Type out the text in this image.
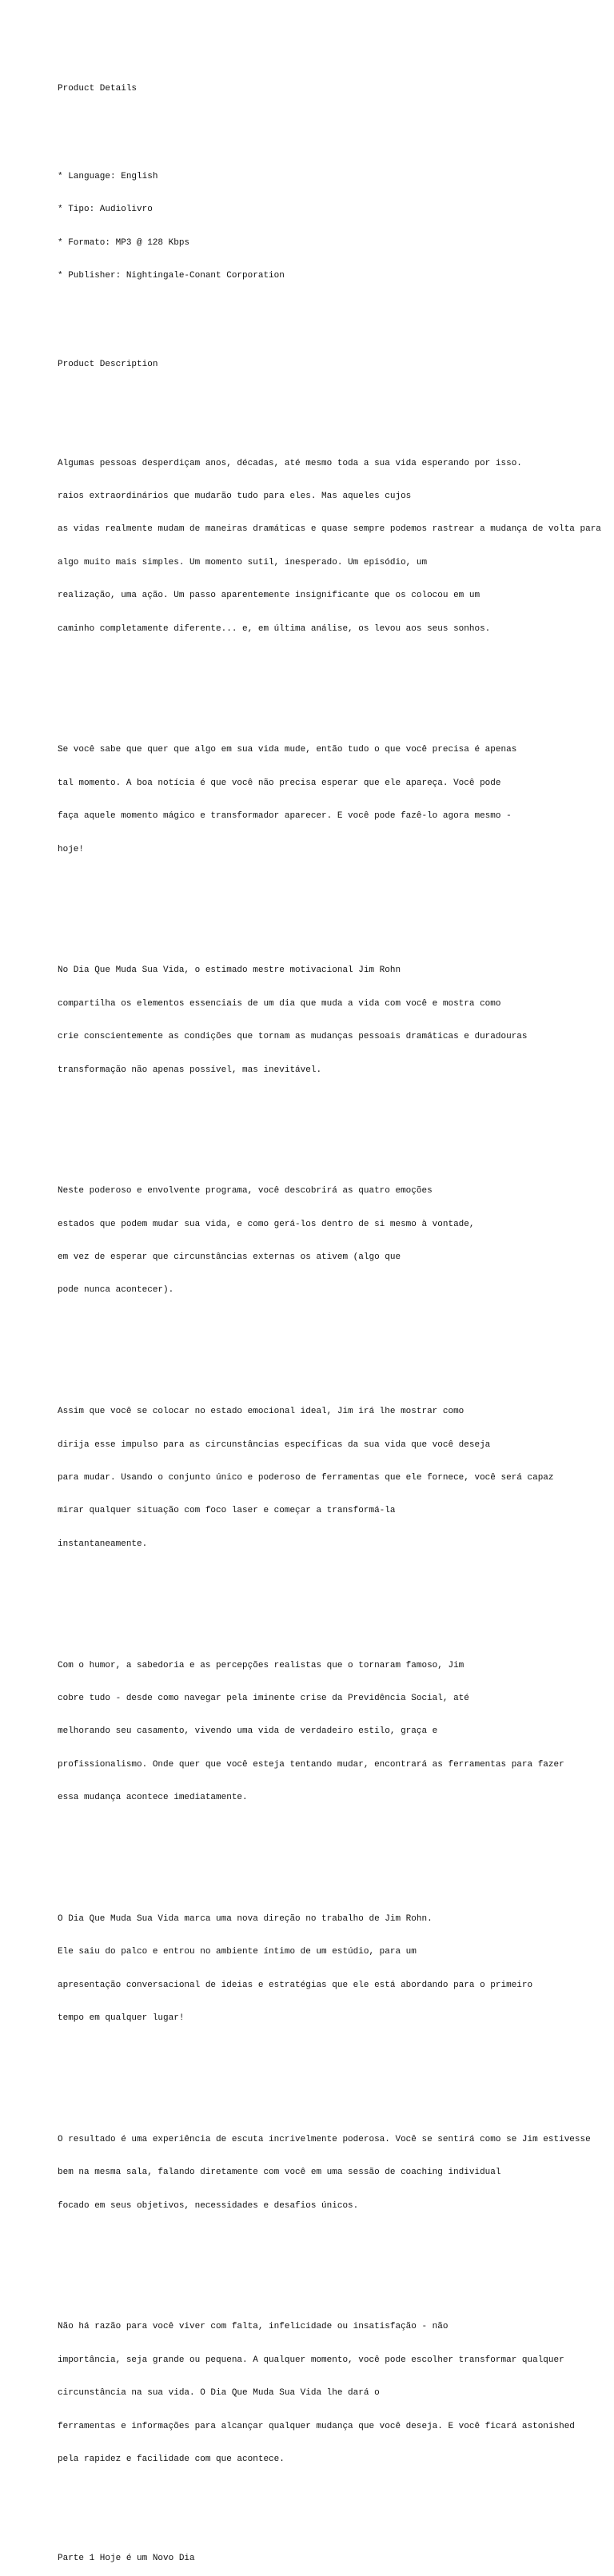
Product Details

* Language: English

* Tipo: Audiolivro

* Formato: MP3 @ 128 Kbps

* Publisher: Nightingale-Conant Corporation

Product Description

Algumas pessoas desperdiçam anos, décadas, até mesmo toda a sua vida esperando por isso.

raios extraordinários que mudarão tudo para eles. Mas aqueles cujos

as vidas realmente mudam de maneiras dramáticas e quase sempre podemos rastrear a mudança de volta para

algo muito mais simples. Um momento sutil, inesperado. Um episódio, um

realização, uma ação. Um passo aparentemente insignificante que os colocou em um

caminho completamente diferente... e, em última análise, os levou aos seus sonhos.

Se você sabe que quer que algo em sua vida mude, então tudo o que você precisa é apenas

tal momento. A boa notícia é que você não precisa esperar que ele apareça. Você pode

faça aquele momento mágico e transformador aparecer. E você pode fazê-lo agora mesmo -

hoje!

No Dia Que Muda Sua Vida, o estimado mestre motivacional Jim Rohn

compartilha os elementos essenciais de um dia que muda a vida com você e mostra como

crie conscientemente as condições que tornam as mudanças pessoais dramáticas e duradouras

transformação não apenas possível, mas inevitável.

Neste poderoso e envolvente programa, você descobrirá as quatro emoções

estados que podem mudar sua vida, e como gerá-los dentro de si mesmo à vontade,

em vez de esperar que circunstâncias externas os ativem (algo que

pode nunca acontecer).

Assim que você se colocar no estado emocional ideal, Jim irá lhe mostrar como

dirija esse impulso para as circunstâncias específicas da sua vida que você deseja

para mudar. Usando o conjunto único e poderoso de ferramentas que ele fornece, você será capaz

mirar qualquer situação com foco laser e começar a transformá-la

instantaneamente.

Com o humor, a sabedoria e as percepções realistas que o tornaram famoso, Jim

cobre tudo - desde como navegar pela iminente crise da Previdência Social, até

melhorando seu casamento, vivendo uma vida de verdadeiro estilo, graça e

profissionalismo. Onde quer que você esteja tentando mudar, encontrará as ferramentas para fazer

essa mudança acontece imediatamente.

O Dia Que Muda Sua Vida marca uma nova direção no trabalho de Jim Rohn.

Ele saiu do palco e entrou no ambiente íntimo de um estúdio, para um

apresentação conversacional de ideias e estratégias que ele está abordando para o primeiro

tempo em qualquer lugar!

O resultado é uma experiência de escuta incrivelmente poderosa. Você se sentirá como se Jim estivesse

bem na mesma sala, falando diretamente com você em uma sessão de coaching individual

focado em seus objetivos, necessidades e desafios únicos.

Não há razão para você viver com falta, infelicidade ou insatisfação - não

importância, seja grande ou pequena. A qualquer momento, você pode escolher transformar qualquer

circunstância na sua vida. O Dia Que Muda Sua Vida lhe dará o

ferramentas e informações para alcançar qualquer mudança que você deseja. E você ficará astonished

pela rapidez e facilidade com que acontece.

Parte 1 Hoje é um Novo Dia
